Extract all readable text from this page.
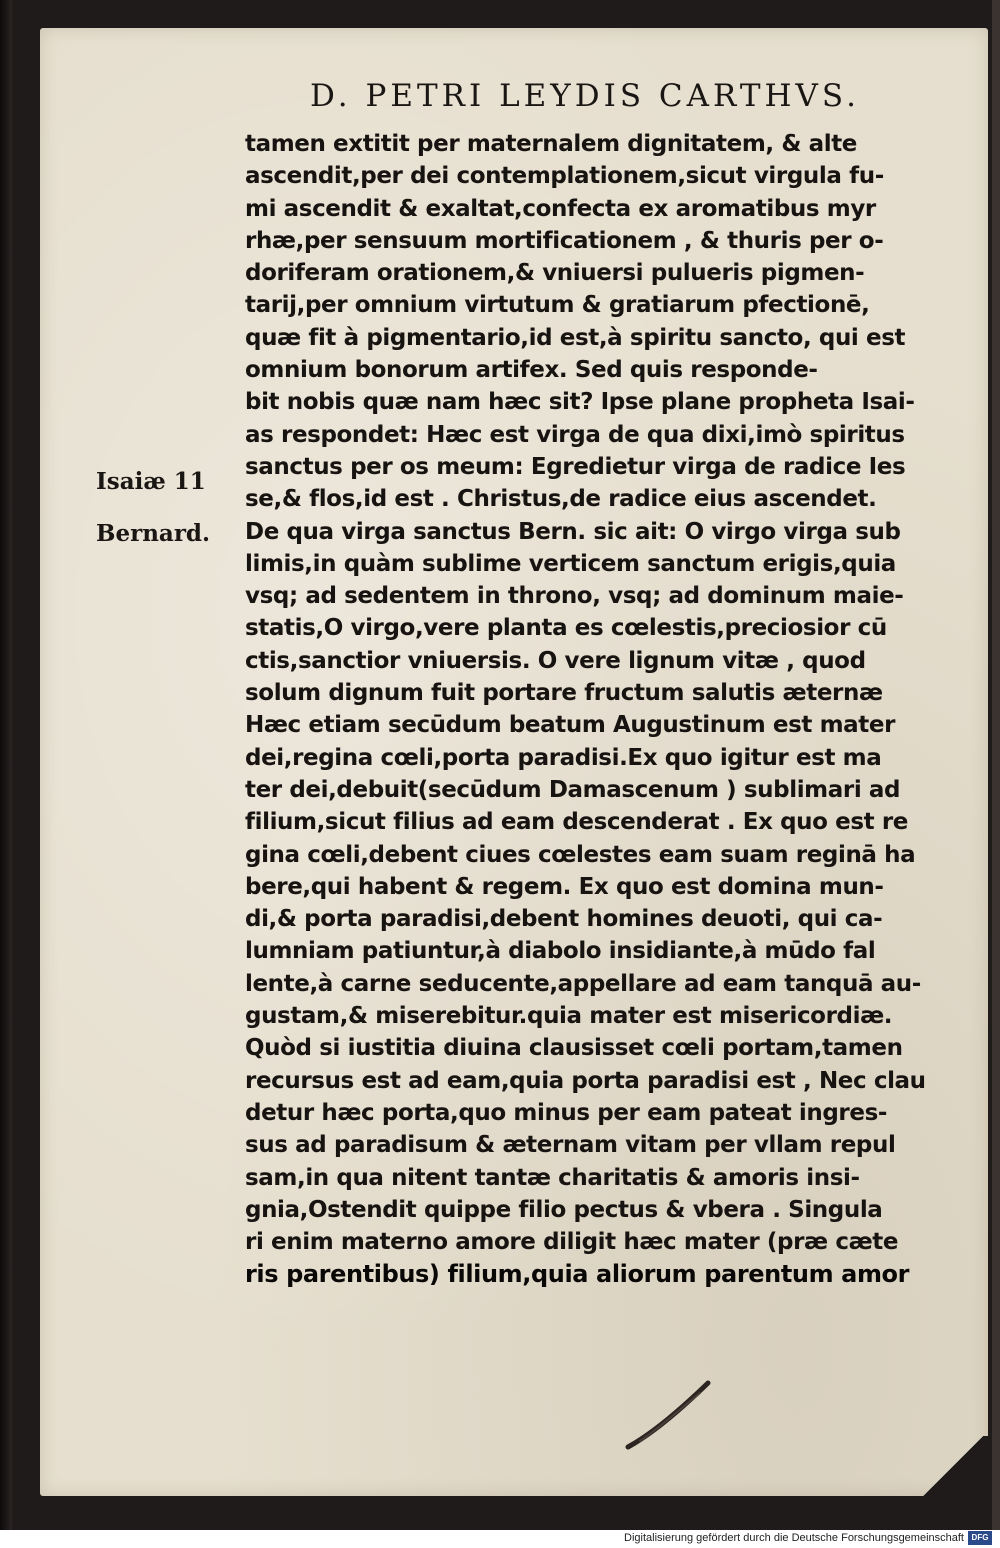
D. PETRI LEYDIS CARTHVS.
Isaiæ 11
Bernard.
tamen extitit per maternalem dignitatem, & alte
ascendit,per dei contemplationem,sicut virgula fu-
mi ascendit & exaltat,confecta ex aromatibus myr
rhæ,per sensuum mortificationem , & thuris per o-
doriferam orationem,& vniuersi pulueris pigmen-
tarij,per omnium virtutum & gratiarum pfectionē,
quæ fit à pigmentario,id est,à spiritu sancto, qui est
omnium bonorum artifex. Sed quis responde-
bit nobis quæ nam hæc sit? Ipse plane propheta Isai-
as respondet: Hæc est virga de qua dixi,imò spiritus
sanctus per os meum: Egredietur virga de radice Ies
se,& flos,id est . Christus,de radice eius ascendet.
De qua virga sanctus Bern. sic ait: O virgo virga sub
limis,in quàm sublime verticem sanctum erigis,quia
vsq; ad sedentem in throno, vsq; ad dominum maie-
statis,O virgo,vere planta es cœlestis,preciosior cū
ctis,sanctior vniuersis. O vere lignum vitæ , quod
solum dignum fuit portare fructum salutis æternæ
Hæc etiam secūdum beatum Augustinum est mater
dei,regina cœli,porta paradisi.Ex quo igitur est ma
ter dei,debuit(secūdum Damascenum ) sublimari ad
filium,sicut filius ad eam descenderat . Ex quo est re
gina cœli,debent ciues cœlestes eam suam reginā ha
bere,qui habent & regem. Ex quo est domina mun-
di,& porta paradisi,debent homines deuoti, qui ca-
lumniam patiuntur,à diabolo insidiante,à mūdo fal
lente,à carne seducente,appellare ad eam tanquā au-
gustam,& miserebitur.quia mater est misericordiæ.
Quòd si iustitia diuina clausisset cœli portam,tamen
recursus est ad eam,quia porta paradisi est , Nec clau
detur hæc porta,quo minus per eam pateat ingres-
sus ad paradisum & æternam vitam per vllam repul
sam,in qua nitent tantæ charitatis & amoris insi-
gnia,Ostendit quippe filio pectus & vbera . Singula
ri enim materno amore diligit hæc mater (præ cæte
ris parentibus) filium,quia aliorum parentum amor
Digitalisierung gefördert durch die Deutsche Forschungsgemeinschaft DFG
